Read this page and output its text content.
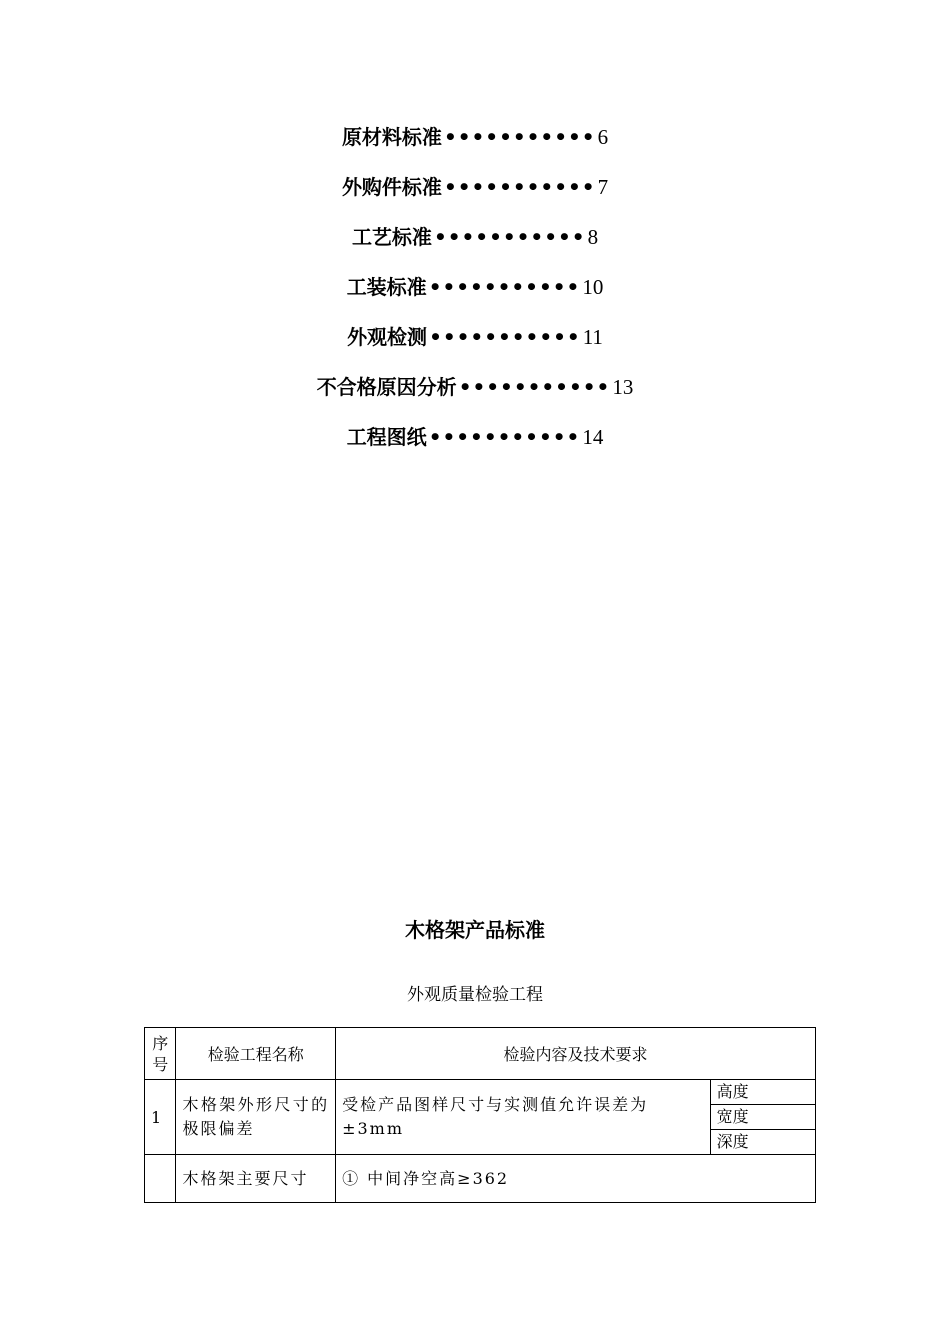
原材料标准 ••••••••••• 6
外购件标准 ••••••••••• 7
工艺标准 ••••••••••• 8
工装标准 ••••••••••• 10
外观检测 ••••••••••• 11
不合格原因分析 ••••••••••• 13
工程图纸 ••••••••••• 14
木格架产品标准
外观质量检验工程
序号	检验工程名称	检验内容及技术要求	
1	木格架外形尺寸的极限偏差	受检产品图样尺寸与实测值允许误差为±3mm	高度
			宽度
			深度
	木格架主要尺寸	① 中间净空高≥362	
